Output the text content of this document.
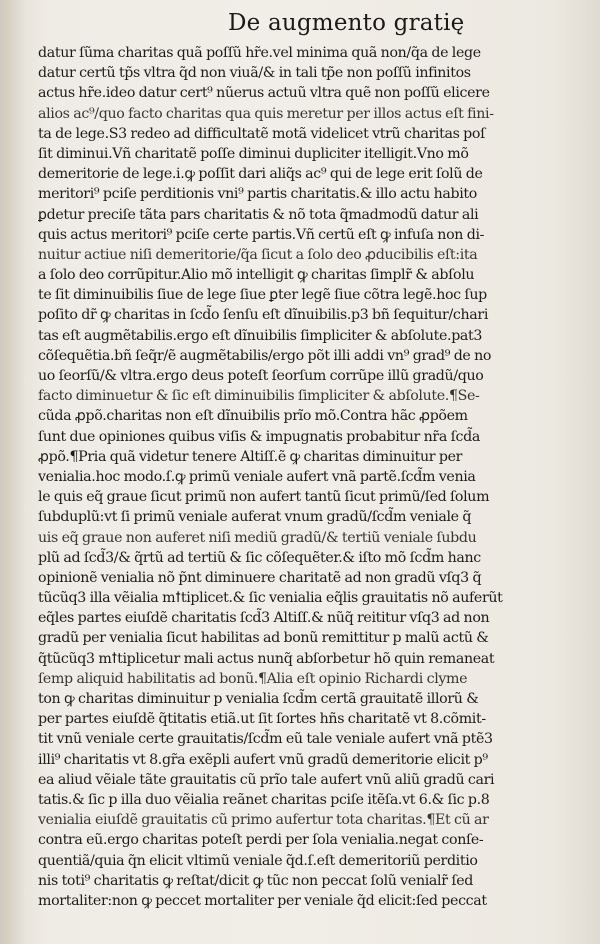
De augmento gratię
datur ſũma charitas quã poſſũ hr̃e.vel minima quã non/q̃a de lege
datur certũ tp̃s vltra q̃d non viuã/& in tali tp̃e non poſſũ infinitos
actus hr̃e.ideo datur cert⁹ nũerus actuũ vltra quẽ non poſſũ elicere
alios ac⁹/quo facto charitas qua quis meretur per illos actus eſt fini-
ta de lege.S3 redeo ad difficultatẽ motã videlicet vtrũ charitas poſ
ſit diminui.Vñ charitatẽ poſſe diminui dupliciter itelligit.Vno mõ
demeritorie de lege.i.ꝙ poſſit dari aliq̃s ac⁹ qui de lege erit ſolũ de
meritori⁹ pciſe perditionis vni⁹ partis charitatis.& illo actu habito
ꝑdetur preciſe tãta pars charitatis & nõ tota q̃madmodũ datur ali
quis actus meritori⁹ pciſe certe partis.Vñ certũ eſt ꝙ infuſa non di-
nuitur actiue niſi demeritorie/q̃a ſicut a ſolo deo ꝓducibilis eſt:ita
a ſolo deo corrũpitur.Alio mõ intelligit ꝙ charitas ſimplr̃ & abſolu
te ſit diminuibilis ſiue de lege ſiue ꝑter legẽ ſiue cõtra legẽ.hoc ſup
poſito dr̃ ꝙ charitas in ſcd̃o ſenſu eſt dĩnuibilis.p3 bñ ſequitur/chari
tas eſt augmẽtabilis.ergo eſt dĩnuibilis ſimpliciter & abſolute.pat3
cõſequẽtia.bñ ſeq̃r/ẽ augmẽtabilis/ergo põt illi addi vn⁹ grad⁹ de no
uo ſeorſũ/& vltra.ergo deus poteſt ſeorſum corrũpe illũ gradũ/quo
facto diminuetur & ſic eſt diminuibilis ſimpliciter & abſolute.¶Se-
cũda ꝓpõ.charitas non eſt dĩnuibilis prĩo mõ.Contra hãc ꝓpõem
ſunt due opiniones quibus viſis & impugnatis probabitur nr̃a ſcd̃a
ꝓpõ.¶Pria quã videtur tenere Altiſſ.ẽ ꝙ charitas diminuitur per
venialia.hoc modo.ſ.ꝙ primũ veniale aufert vnã partẽ.ſcd̃m venia
le quis eq̃ graue ſicut primũ non aufert tantũ ſicut primũ/ſed ſolum
ſubduplũ:vt ſi primũ veniale auferat vnum gradũ/ſcd̃m veniale q̃
uis eq̃ graue non auferet niſi mediũ gradũ/& tertiũ veniale ſubdu
plũ ad ſcd̃3/& q̃rtũ ad tertiũ & ſic cõſequẽter.& iſto mõ ſcd̃m hanc
opinionẽ venialia nõ p̃nt diminuere charitatẽ ad non gradũ vſq3 q̃
tũcũq3 illa vẽialia mꝉtiplicet.& ſic venialia eq̃lis grauitatis nõ auferũt
eq̃les partes eiuſdẽ charitatis ſcd̃3 Altiſſ.& nũq̃ reititur vſq3 ad non
gradũ per venialia ſicut habilitas ad bonũ remittitur p malũ actũ &
q̃tũcũq3 mꝉtiplicetur mali actus nunq̃ abſorbetur hõ quin remaneat
ſemp aliquid habilitatis ad bonũ.¶Alia eſt opinio Richardi clyme
ton ꝙ charitas diminuitur p venialia ſcd̃m certã grauitatẽ illorũ &
per partes eiuſdẽ q̃titatis etiã.ut ſit ſortes hñs charitatẽ vt 8.cõmit-
tit vnũ veniale certe grauitatis/ſcd̃m eũ tale veniale aufert vnã ptẽ3
illi⁹ charitatis vt 8.gr̃a exẽpli aufert vnũ gradũ demeritorie elicit p⁹
ea aliud vẽiale tãte grauitatis cũ prĩo tale aufert vnũ aliũ gradũ cari
tatis.& ſic p illa duo vẽialia reãnet charitas pciſe itẽſa.vt 6.& ſic p.8
venialia eiuſdẽ grauitatis cũ primo aufertur tota charitas.¶Et cũ ar
contra eũ.ergo charitas poteſt perdi per ſola venialia.negat conſe-
quentiã/quia q̃n elicit vltimũ veniale q̃d.ſ.eſt demeritoriũ perditio
nis toti⁹ charitatis ꝙ reſtat/dicit ꝙ tũc non peccat ſolũ venialr̃ ſed
mortaliter:non ꝙ peccet mortaliter per veniale q̃d elicit:ſed peccat
